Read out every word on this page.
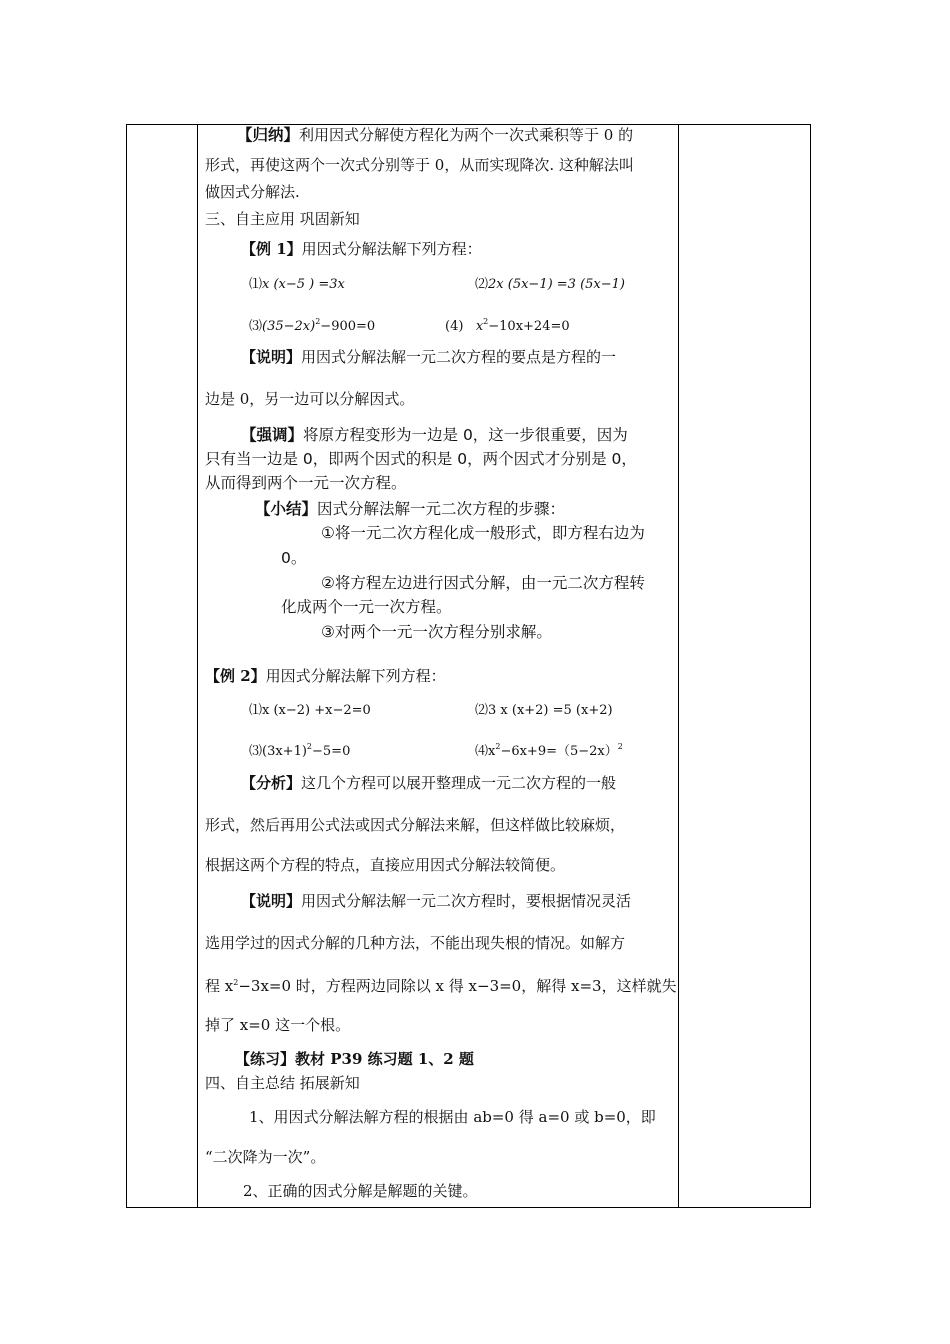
【归纳】利用因式分解使方程化为两个一次式乘积等于 0 的
形式，再使这两个一次式分别等于 0，从而实现降次. 这种解法叫
做因式分解法.
三、自主应用 巩固新知
【例 1】用因式分解法解下列方程：
⑴x (x−5 ) =3x	⑵2x (5x−1) =3 (5x−1)
$⑶(35-2x)^2-900=0$	(4) $x^2-10x+24=0$
【说明】用因式分解法解一元二次方程的要点是方程的一
边是 0，另一边可以分解因式。
【强调】将原方程变形为一边是 0，这一步很重要，因为
只有当一边是 0，即两个因式的积是 0，两个因式才分别是 0，
从而得到两个一元一次方程。
【小结】因式分解法解一元二次方程的步骤：
①将一元二次方程化成一般形式，即方程右边为
0。
②将方程左边进行因式分解，由一元二次方程转
化成两个一元一次方程。
③对两个一元一次方程分别求解。
【例 2】用因式分解法解下列方程：
⑴x (x−2) +x−2=0	⑵3 x (x+2) =5 (x+2)
$⑶(3x+1)^2-5=0$	$⑷x^2-6x+9=(5-2x)^2$
【分析】这几个方程可以展开整理成一元二次方程的一般
形式，然后再用公式法或因式分解法来解，但这样做比较麻烦，
根据这两个方程的特点，直接应用因式分解法较简便。
【说明】用因式分解法解一元二次方程时，要根据情况灵活
选用学过的因式分解的几种方法，不能出现失根的情况。如解方
程 $x^2-3x=0$ 时，方程两边同除以 x 得 x−3=0，解得 x=3，这样就失
掉了 x=0 这一个根。
【练习】教材 P39 练习题 1、2 题
四、自主总结 拓展新知
1、用因式分解法解方程的根据由 ab=0 得 a=0 或 b=0，即
“二次降为一次”。
2、正确的因式分解是解题的关键。
